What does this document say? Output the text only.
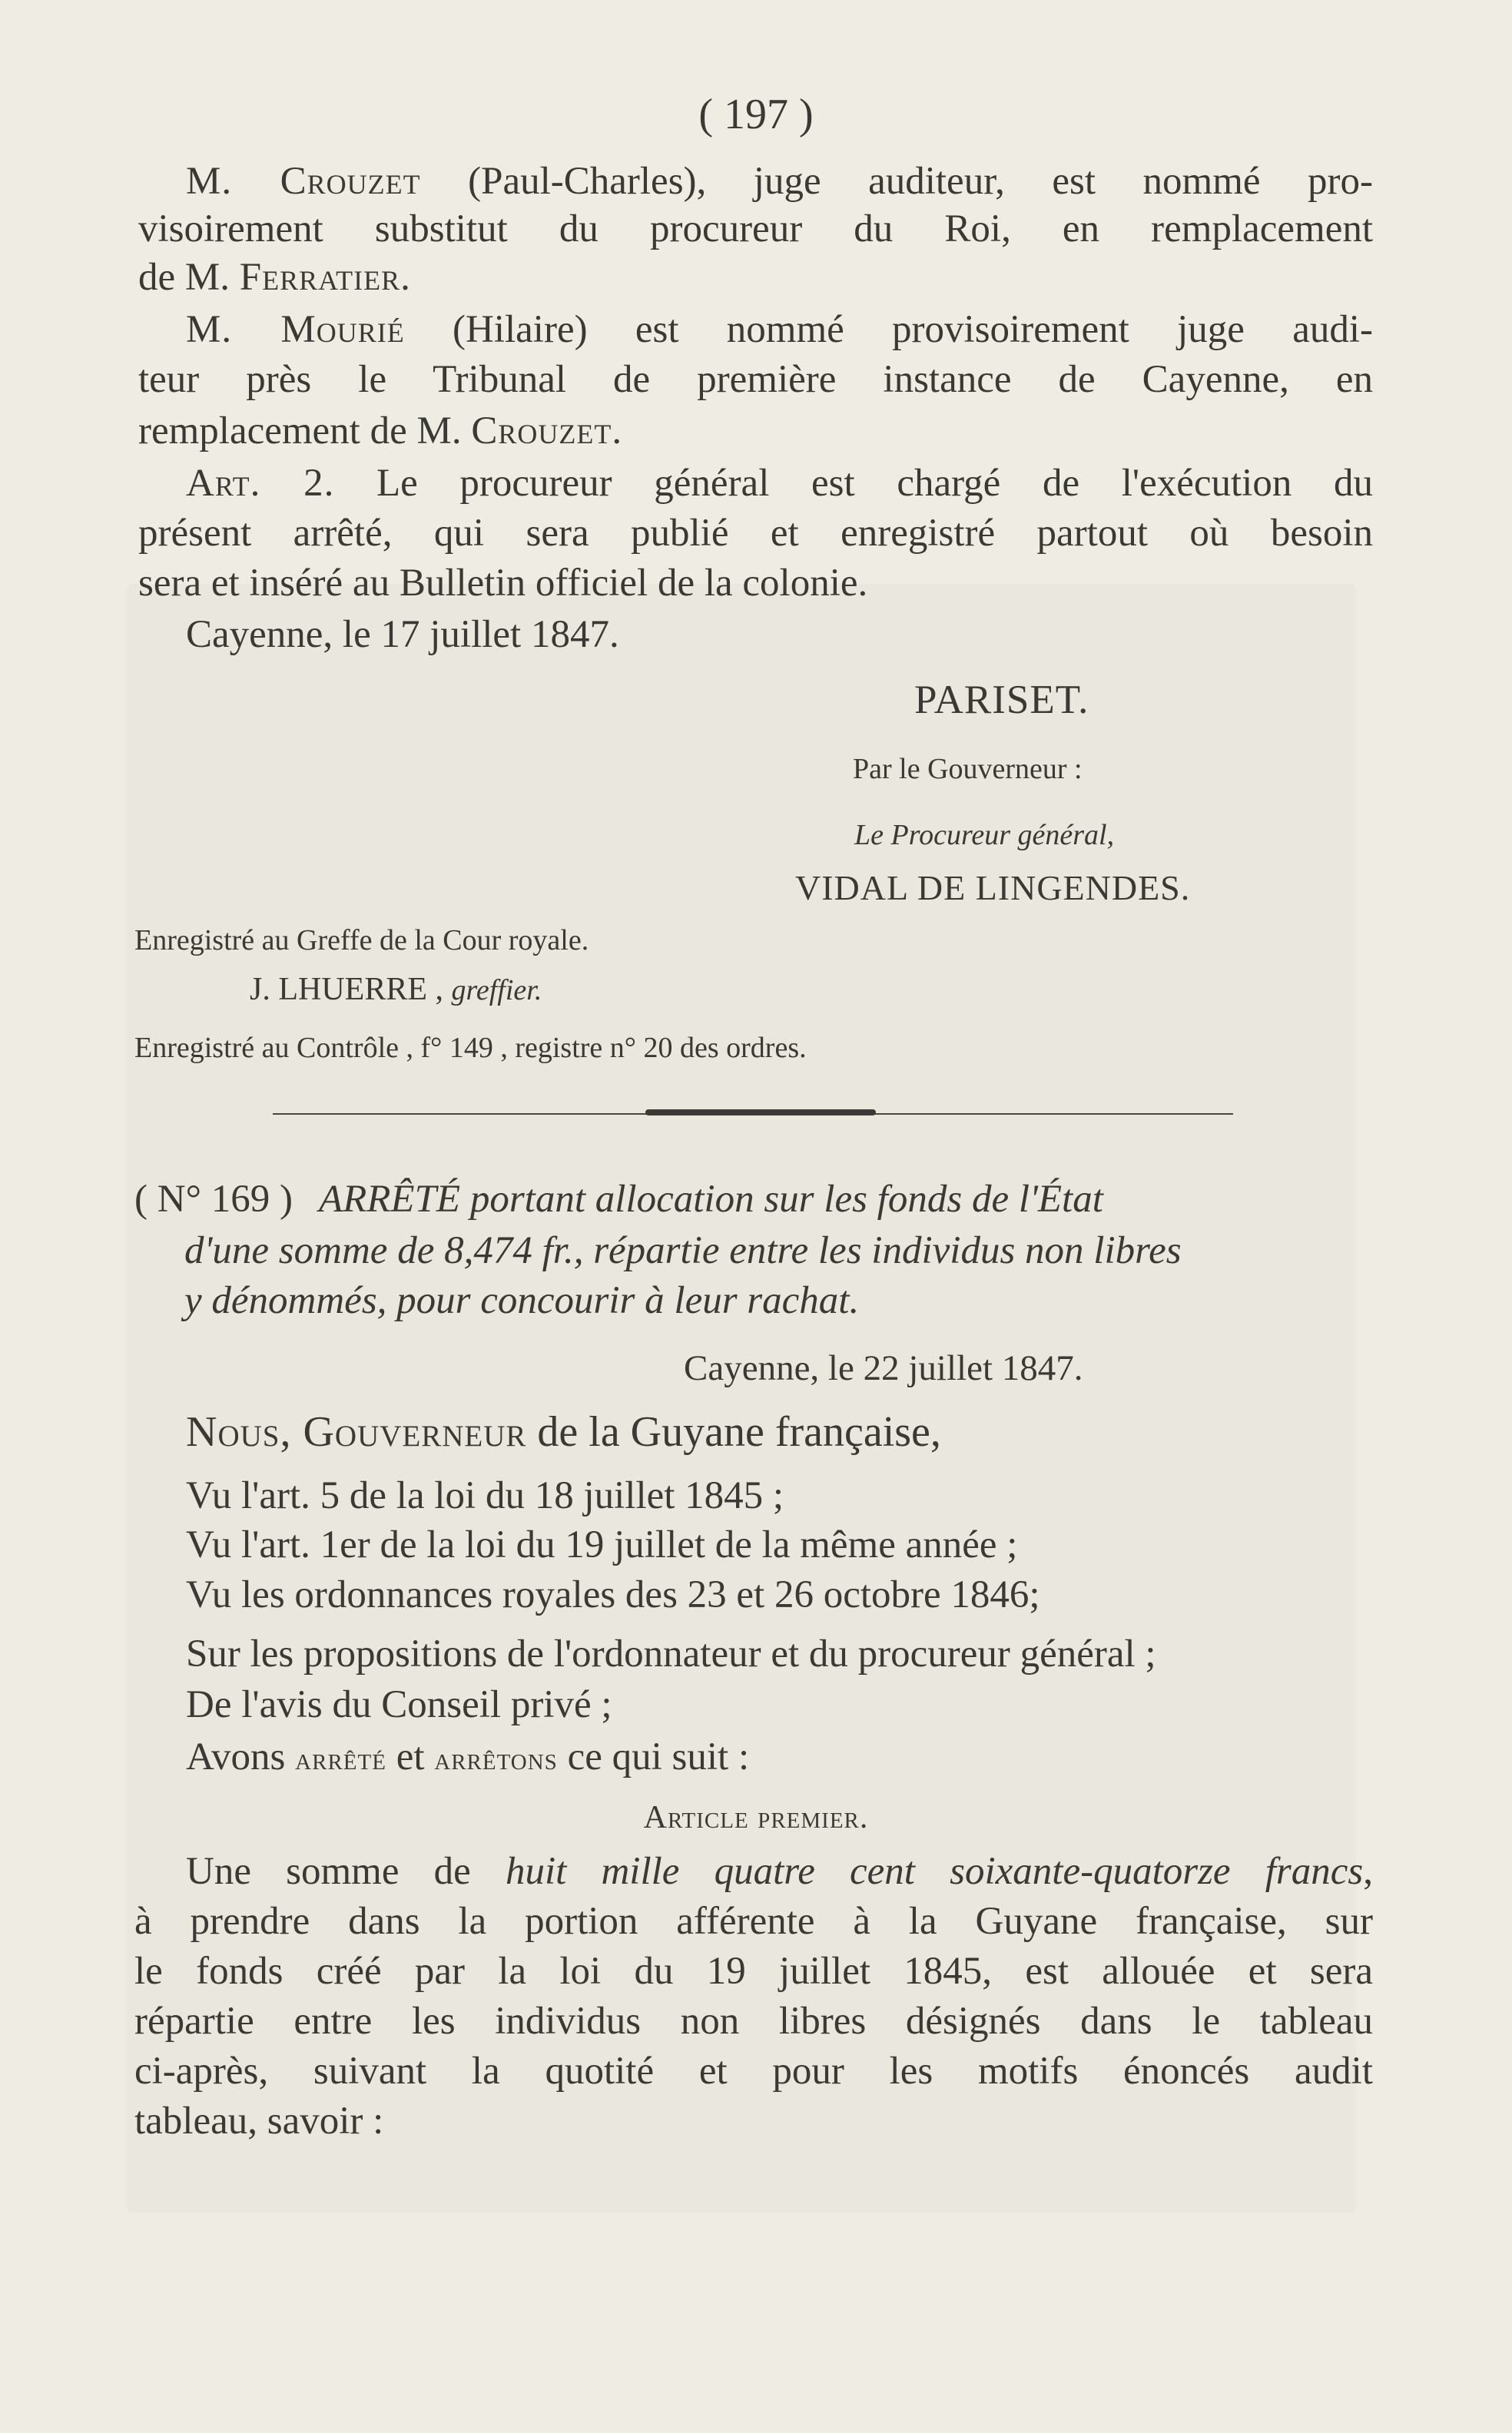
( 197 )
M. Crouzet (Paul-Charles), juge auditeur, est nommé pro-
visoirement substitut du procureur du Roi, en remplacement
de M. Ferratier.
M. Mourié (Hilaire) est nommé provisoirement juge audi-
teur près le Tribunal de première instance de Cayenne, en
remplacement de M. Crouzet.
Art. 2. Le procureur général est chargé de l'exécution du
présent arrêté, qui sera publié et enregistré partout où besoin
sera et inséré au Bulletin officiel de la colonie.
Cayenne, le 17 juillet 1847.
PARISET.
Par le Gouverneur :
Le Procureur général,
VIDAL DE LINGENDES.
Enregistré au Greffe de la Cour royale.
J. LHUERRE , greffier.
Enregistré au Contrôle , f° 149 , registre n° 20 des ordres.
( N° 169 ) ARRÊTÉ portant allocation sur les fonds de l'État
d'une somme de 8,474 fr., répartie entre les individus non libres
y dénommés, pour concourir à leur rachat.
Cayenne, le 22 juillet 1847.
Nous, Gouverneur de la Guyane française,
Vu l'art. 5 de la loi du 18 juillet 1845 ;
Vu l'art. 1er de la loi du 19 juillet de la même année ;
Vu les ordonnances royales des 23 et 26 octobre 1846;
Sur les propositions de l'ordonnateur et du procureur général ;
De l'avis du Conseil privé ;
Avons arrêté et arrêtons ce qui suit :
Article premier.
Une somme de huit mille quatre cent soixante-quatorze francs,
à prendre dans la portion afférente à la Guyane française, sur
le fonds créé par la loi du 19 juillet 1845, est allouée et sera
répartie entre les individus non libres désignés dans le tableau
ci-après, suivant la quotité et pour les motifs énoncés audit
tableau, savoir :
